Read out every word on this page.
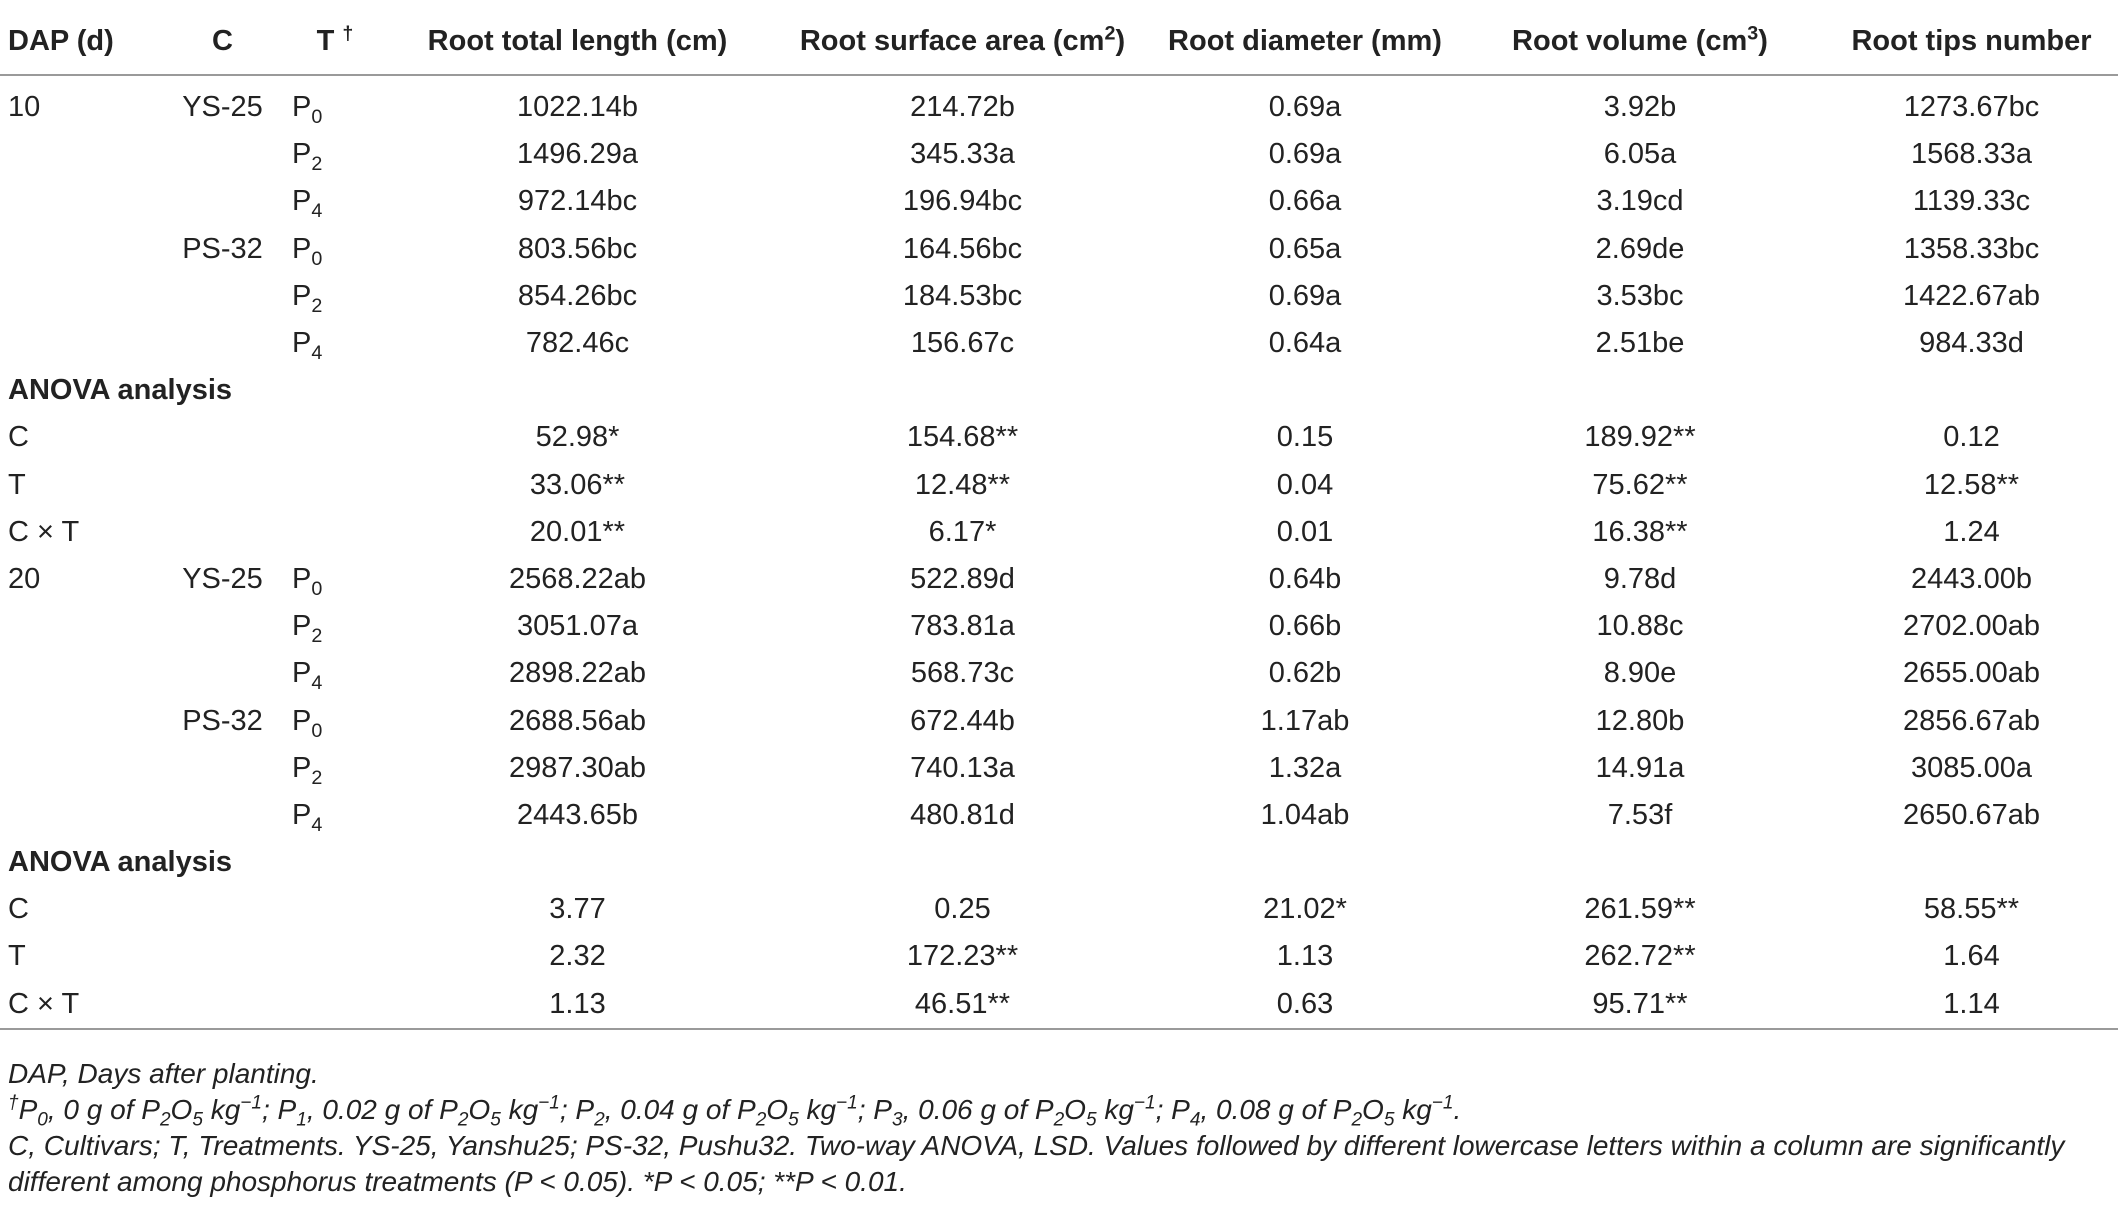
DAP (d)	C	T †	Root total length (cm)	Root surface area $(cm^2)$	Root diameter (mm)	Root volume $(cm^3)$	Root tips number
10	YS-25	$P_0$	1022.14b	214.72b	0.69a	3.92b	1273.67bc
		$P_2$	1496.29a	345.33a	0.69a	6.05a	1568.33a
		$P_4$	972.14bc	196.94bc	0.66a	3.19cd	1139.33c
	PS-32	$P_0$	803.56bc	164.56bc	0.65a	2.69de	1358.33bc
		$P_2$	854.26bc	184.53bc	0.69a	3.53bc	1422.67ab
		$P_4$	782.46c	156.67c	0.64a	2.51be	984.33d
ANOVA analysis							
C			52.98*	154.68**	0.15	189.92**	0.12
T			33.06**	12.48**	0.04	75.62**	12.58**
C × T			20.01**	6.17*	0.01	16.38**	1.24
20	YS-25	$P_0$	2568.22ab	522.89d	0.64b	9.78d	2443.00b
		$P_2$	3051.07a	783.81a	0.66b	10.88c	2702.00ab
		$P_4$	2898.22ab	568.73c	0.62b	8.90e	2655.00ab
	PS-32	$P_0$	2688.56ab	672.44b	1.17ab	12.80b	2856.67ab
		$P_2$	2987.30ab	740.13a	1.32a	14.91a	3085.00a
		$P_4$	2443.65b	480.81d	1.04ab	7.53f	2650.67ab
ANOVA analysis							
C			3.77	0.25	21.02*	261.59**	58.55**
T			2.32	172.23**	1.13	262.72**	1.64
C × T			1.13	46.51**	0.63	95.71**	1.14

DAP, Days after planting.

$^\dagger P_0$, 0 g of $P_2O_5$ $kg^{-1}$; $P_1$, 0.02 g of $P_2O_5$ $kg^{-1}$; $P_2$, 0.04 g of $P_2O_5$ $kg^{-1}$; $P_3$, 0.06 g of $P_2O_5$ $kg^{-1}$; $P_4$, 0.08 g of $P_2O_5$ $kg^{-1}$.

C, Cultivars; T, Treatments. YS-25, Yanshu25; PS-32, Pushu32. Two-way ANOVA, LSD. Values followed by different lowercase letters within a column are significantly

different among phosphorus treatments (P < 0.05). *P < 0.05; **P < 0.01.
